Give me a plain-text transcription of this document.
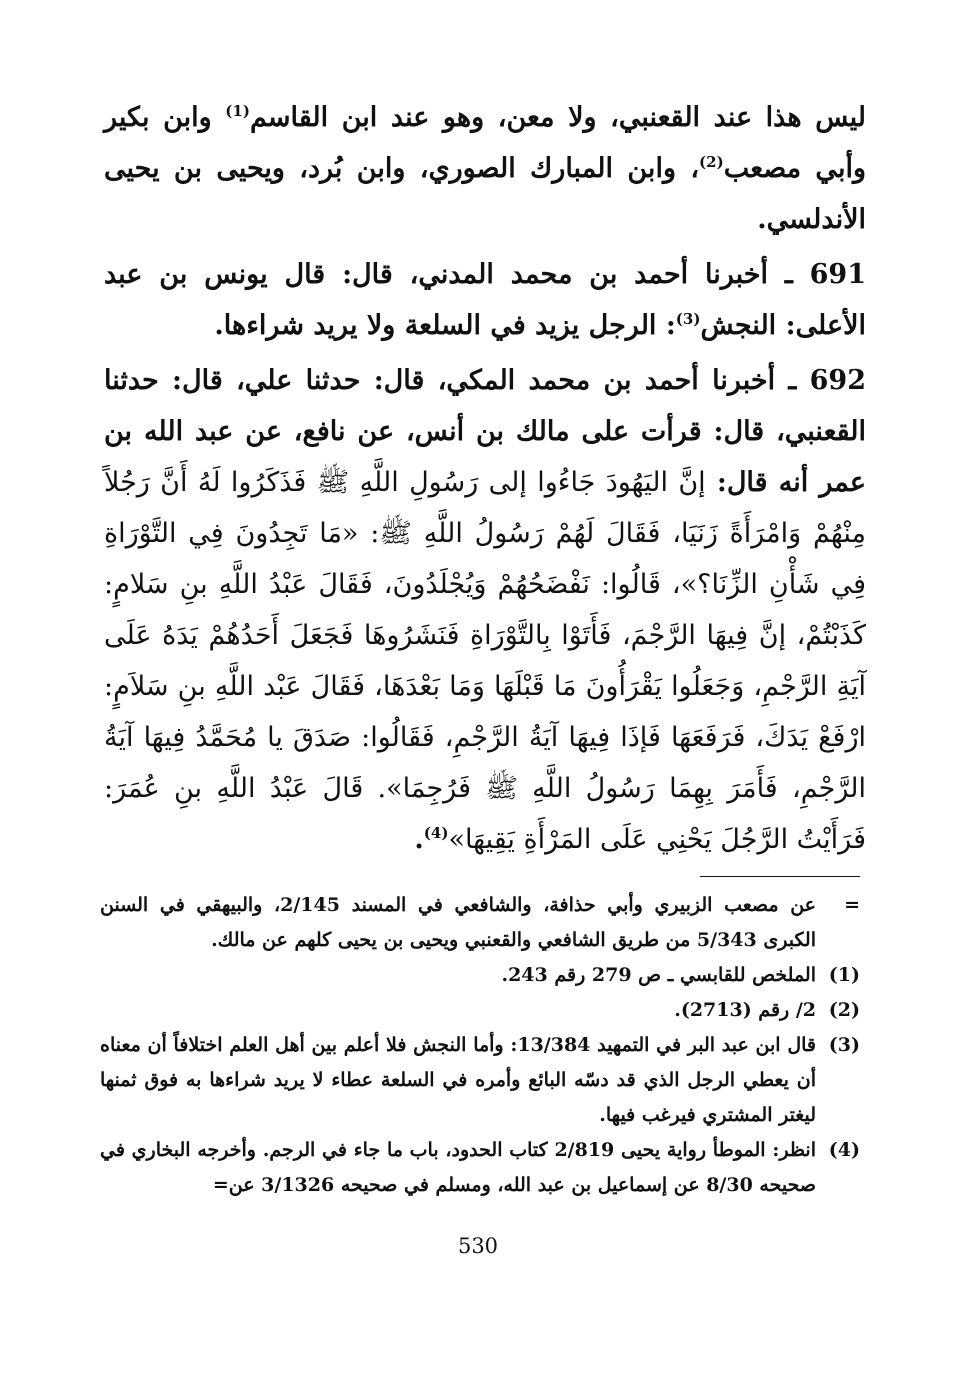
ليس هذا عند القعنبي، ولا معن، وهو عند ابن القاسم$^{(1)}$ وابن بكير وأبي مصعب$^{(2)}$، وابن المبارك الصوري، وابن بُرد، ويحيى بن يحيى الأندلسي.

691 ـ أخبرنا أحمد بن محمد المدني، قال: قال يونس بن عبد الأعلى: النجش$^{(3)}$: الرجل يزيد في السلعة ولا يريد شراءها.

692 ـ أخبرنا أحمد بن محمد المكي، قال: حدثنا علي، قال: حدثنا القعنبي، قال: قرأت على مالك بن أنس، عن نافع، عن عبد الله بن عمر أنه قال: إنَّ اليَهُودَ جَاءُوا إلى رَسُولِ اللَّهِ ﷺ فَذَكَرُوا لَهُ أَنَّ رَجُلاً مِنْهُمْ وَامْرَأَةً زَنَيَا، فَقَالَ لَهُمْ رَسُولُ اللَّهِ ﷺ: «مَا تَجِدُونَ فِي التَّوْرَاةِ فِي شَأْنِ الزِّنَا؟»، قَالُوا: نَفْضَحُهُمْ وَيُجْلَدُونَ، فَقَالَ عَبْدُ اللَّهِ بنِ سَلامٍ: كَذَبْتُمْ، إنَّ فِيهَا الرَّجْمَ، فَأَتَوْا بِالتَّوْرَاةِ فَنَشَرُوهَا فَجَعَلَ أَحَدُهُمْ يَدَهُ عَلَى آيَةِ الرَّجْمِ، وَجَعَلُوا يَقْرَأُونَ مَا قَبْلَهَا وَمَا بَعْدَهَا، فَقَالَ عَبْد اللَّهِ بنِ سَلاَمٍ: ارْفَعْ يَدَكَ، فَرَفَعَهَا فَإذَا فِيهَا آيَةُ الرَّجْمِ، فَقَالُوا: صَدَقَ يا مُحَمَّدُ فِيهَا آيَةُ الرَّجْمِ، فَأَمَرَ بِهِمَا رَسُولُ اللَّهِ ﷺ فَرُجِمَا». قَالَ عَبْدُ اللَّهِ بنِ عُمَرَ: فَرَأَيْتُ الرَّجُلَ يَحْنِي عَلَى المَرْأَةِ يَقِيهَا»$^{(4)}$.

=
عن مصعب الزبيري وأبي حذافة، والشافعي في المسند 2/145، والبيهقي في السنن الكبرى 5/343 من طريق الشافعي والقعنبي ويحيى بن يحيى كلهم عن مالك.
(1)
الملخص للقابسي ـ ص 279 رقم 243.
(2)
2/ رقم (2713).
(3)
قال ابن عبد البر في التمهيد 13/384: وأما النجش فلا أعلم بين أهل العلم اختلافاً أن معناه أن يعطي الرجل الذي قد دسّه البائع وأمره في السلعة عطاء لا يريد شراءها به فوق ثمنها ليغتر المشتري فيرغب فيها.
(4)
انظر: الموطأ رواية يحيى 2/819 كتاب الحدود، باب ما جاء في الرجم. وأخرجه البخاري في صحيحه 8/30 عن إسماعيل بن عبد الله، ومسلم في صحيحه 3/1326 عن=
530
